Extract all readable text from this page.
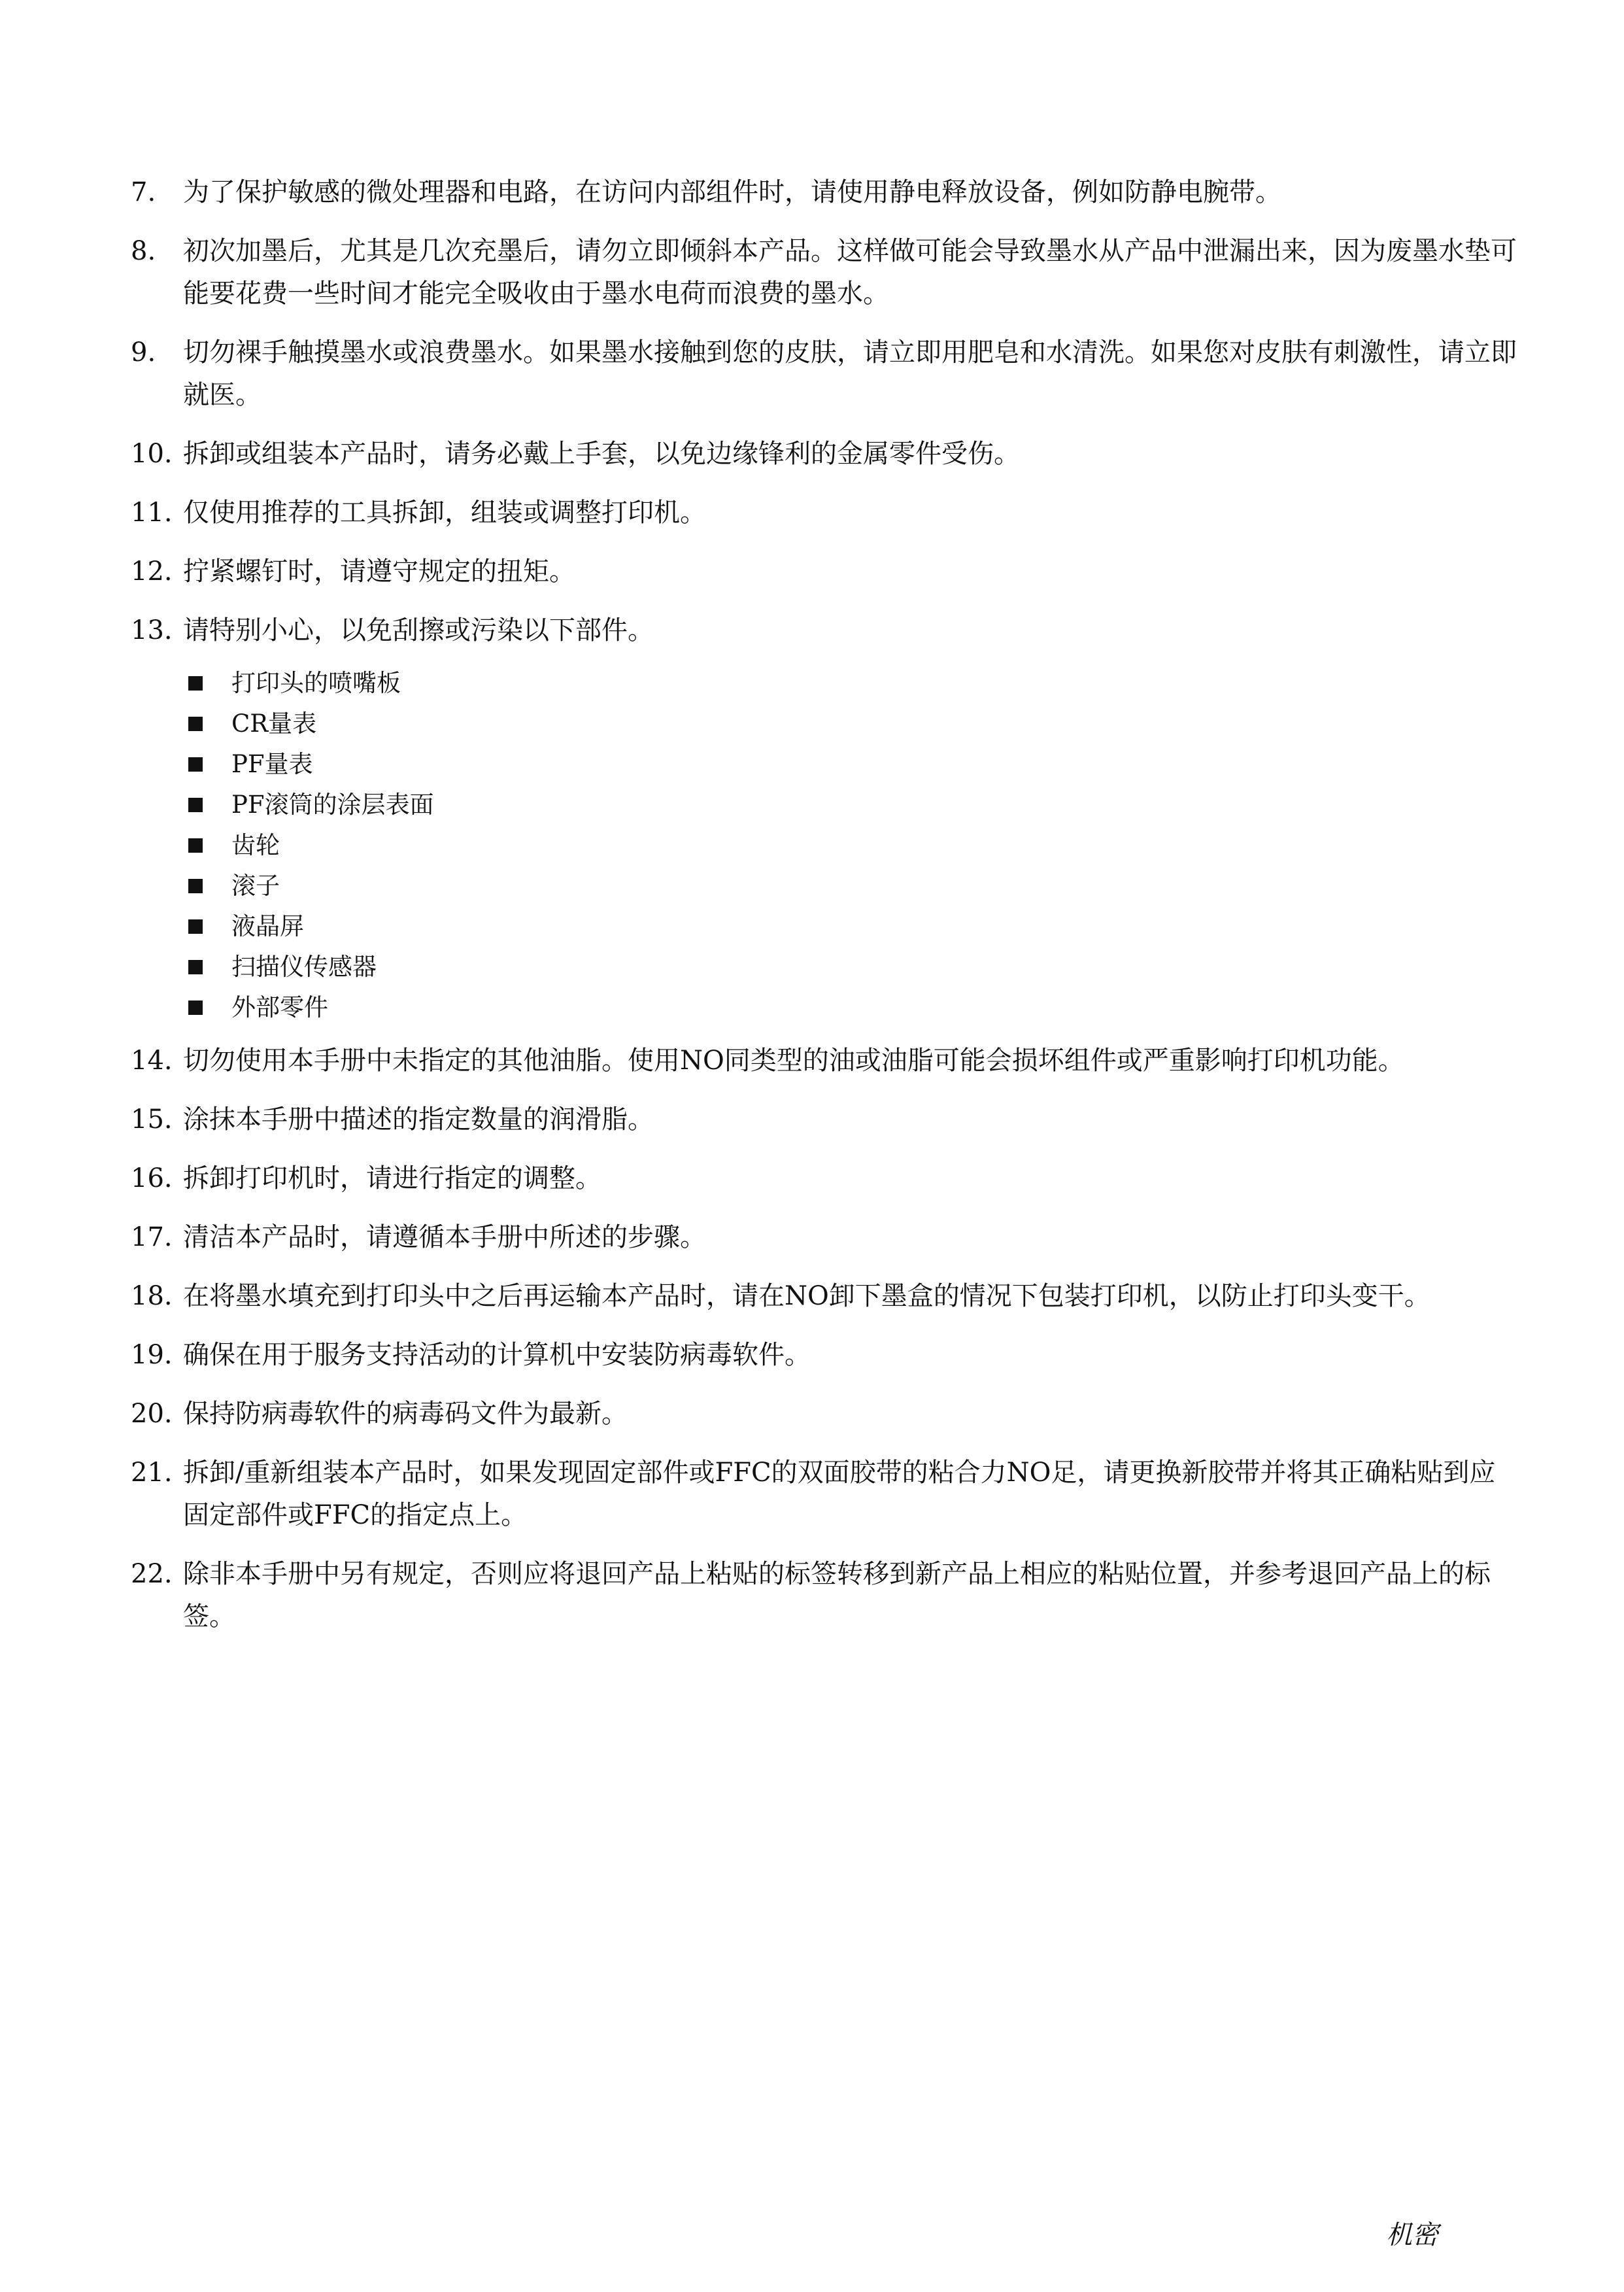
7.	为了保护敏感的微处理器和电路，在访问内部组件时，请使用静电释放设备，例如防静电腕带。
8.	初次加墨后，尤其是几次充墨后，请勿立即倾斜本产品。这样做可能会导致墨水从产品中泄漏出来，因为废墨水垫可能要花费一些时间才能完全吸收由于墨水电荷而浪费的墨水。
9.	切勿裸手触摸墨水或浪费墨水。如果墨水接触到您的皮肤，请立即用肥皂和水清洗。如果您对皮肤有刺激性，请立即就医。
10. 拆卸或组装本产品时，请务必戴上手套，以免边缘锋利的金属零件受伤。
11. 仅使用推荐的工具拆卸，组装或调整打印机。
12. 拧紧螺钉时，请遵守规定的扭矩。
13. 请特别小心，以免刮擦或污染以下部件。
打印头的喷嘴板
CR量表
PF量表
PF滚筒的涂层表面
齿轮
滚子
液晶屏
扫描仪传感器
外部零件
14. 切勿使用本手册中未指定的其他油脂。使用NO同类型的油或油脂可能会损坏组件或严重影响打印机功能。
15. 涂抹本手册中描述的指定数量的润滑脂。
16. 拆卸打印机时，请进行指定的调整。
17. 清洁本产品时，请遵循本手册中所述的步骤。
18. 在将墨水填充到打印头中之后再运输本产品时，请在NO卸下墨盒的情况下包装打印机，以防止打印头变干。
19. 确保在用于服务支持活动的计算机中安装防病毒软件。
20. 保持防病毒软件的病毒码文件为最新。
21. 拆卸/重新组装本产品时，如果发现固定部件或FFC的双面胶带的粘合力NO足，请更换新胶带并将其正确粘贴到应固定部件或FFC的指定点上。
22. 除非本手册中另有规定，否则应将退回产品上粘贴的标签转移到新产品上相应的粘贴位置，并参考退回产品上的标签。
机密
